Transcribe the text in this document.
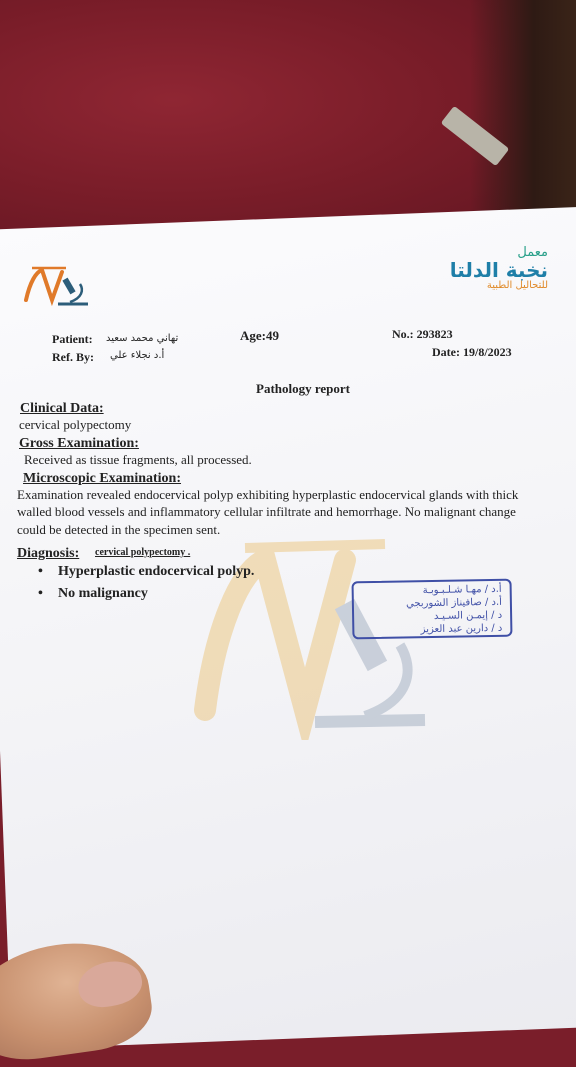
معمل
نخبة الدلتا
للتحاليل الطبية
Patient: تهاني محمد سعيد	Age:49	No.: 293823
Ref. By: أ.د نجلاء علي	Date: 19/8/2023
Pathology report
Clinical Data:
cervical polypectomy
Gross Examination:
Received as tissue fragments, all processed.
Microscopic Examination:
Examination revealed endocervical polyp exhibiting hyperplastic endocervical glands with thick
walled blood vessels and inflammatory cellular infiltrate and hemorrhage. No malignant change
could be detected in the specimen sent.
Diagnosis: cervical polypectomy .
• Hyperplastic endocervical polyp.
• No malignancy	أ.د / مهـا شـلـبـوبـة
أ.د / صافيناز الشوربجي
د / إيمـن السـيـد
د / دارين عبد العزيز
